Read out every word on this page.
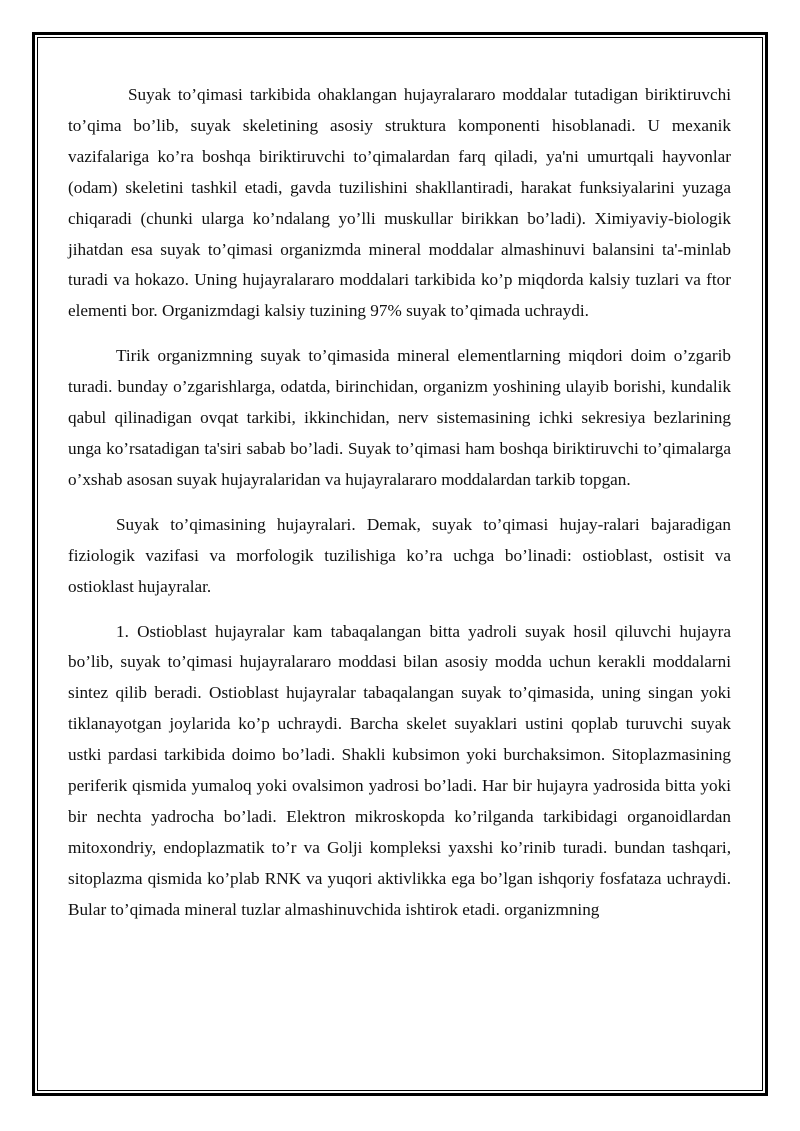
Suyak to’qimasi tarkibida ohaklangan hujayralararo moddalar tutadigan biriktiruvchi to’qima bo’lib, suyak skeletining asosiy struktura komponenti hisoblanadi. U mexanik vazifalariga ko’ra boshqa biriktiruvchi to’qimalardan farq qiladi, ya'ni umurtqali hayvonlar (odam) skeletini tashkil etadi, gavda tuzilishini shakllantiradi, harakat funksiyalarini yuzaga chiqaradi (chunki ularga ko’ndalang yo’lli muskullar birikkan bo’ladi). Ximiyaviy-biologik jihatdan esa suyak to’qimasi organizmda mineral moddalar almashinuvi balansini ta'-minlab turadi va hokazo. Uning hujayralararo moddalari tarkibida ko’p miqdorda kalsiy tuzlari va ftor elementi bor. Organizmdagi kalsiy tuzining 97% suyak to’qimada uchraydi.

Tirik organizmning suyak to’qimasida mineral elementlarning miqdori doim o’zgarib turadi. bunday o’zgarishlarga, odatda, birinchidan, organizm yoshining ulayib borishi, kundalik qabul qilinadigan ovqat tarkibi, ikkinchidan, nerv sistemasining ichki sekresiya bezlarining unga ko’rsatadigan ta'siri sabab bo’ladi. Suyak to’qimasi ham boshqa biriktiruvchi to’qimalarga o’xshab asosan suyak hujayralaridan va hujayralararo moddalardan tarkib topgan.

Suyak to’qimasining hujayralari. Demak, suyak to’qimasi hujay-ralari bajaradigan fiziologik vazifasi va morfologik tuzilishiga ko’ra uchga bo’linadi: ostioblast, ostisit va ostioklast hujayralar.

1. Ostioblast hujayralar kam tabaqalangan bitta yadroli suyak hosil qiluvchi hujayra bo’lib, suyak to’qimasi hujayralararo moddasi bilan asosiy modda uchun kerakli moddalarni sintez qilib beradi. Ostioblast hujayralar tabaqalangan suyak to’qimasida, uning singan yoki tiklanayotgan joylarida ko’p uchraydi. Barcha skelet suyaklari ustini qoplab turuvchi suyak ustki pardasi tarkibida doimo bo’ladi. Shakli kubsimon yoki burchaksimon. Sitoplazmasining periferik qismida yumaloq yoki ovalsimon yadrosi bo’ladi. Har bir hujayra yadrosida bitta yoki bir nechta yadrocha bo’ladi. Elektron mikroskopda ko’rilganda tarkibidagi organoidlardan mitoxondriy, endoplazmatik to’r va Golji kompleksi yaxshi ko’rinib turadi. bundan tashqari, sitoplazma qismida ko’plab RNK va yuqori aktivlikka ega bo’lgan ishqoriy fosfataza uchraydi. Bular to’qimada mineral tuzlar almashinuvchida ishtirok etadi. organizmning
